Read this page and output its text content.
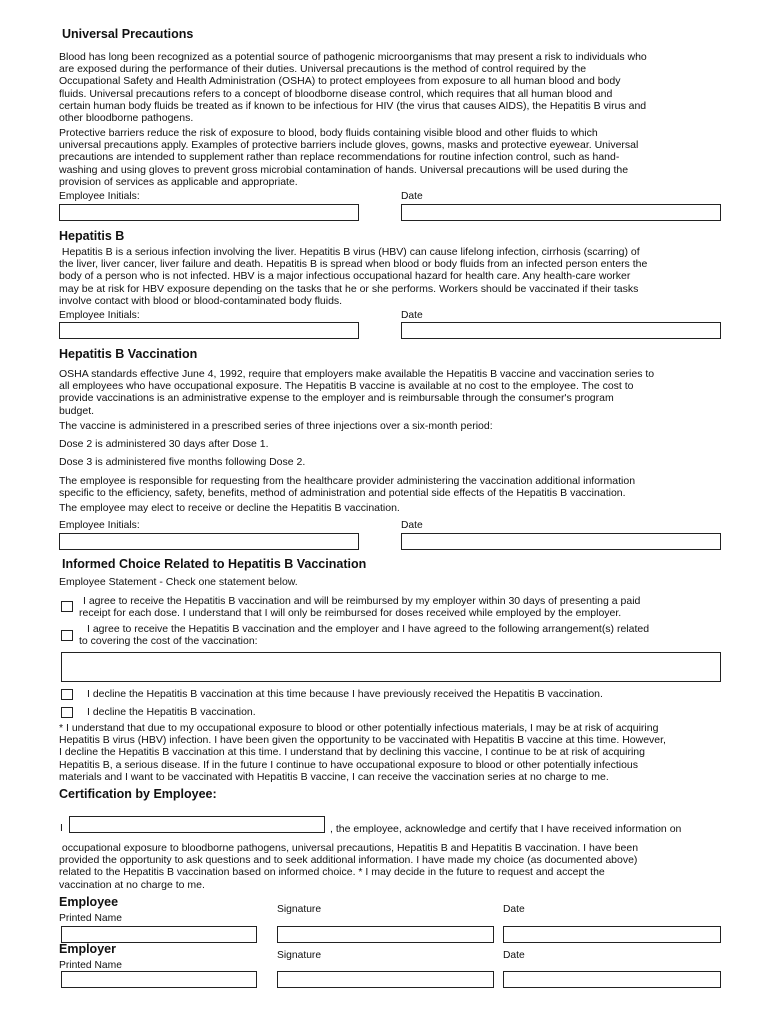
Universal Precautions
Blood has long been recognized as a potential source of pathogenic microorganisms that may present a risk to individuals who
are exposed during the performance of their duties. Universal precautions is the method of control required by the
Occupational Safety and Health Administration (OSHA) to protect employees from exposure to all human blood and body
fluids. Universal precautions refers to a concept of bloodborne disease control, which requires that all human blood and
certain human body fluids be treated as if known to be infectious for HIV (the virus that causes AIDS), the Hepatitis B virus and
other bloodborne pathogens.
Protective barriers reduce the risk of exposure to blood, body fluids containing visible blood and other fluids to which
universal precautions apply. Examples of protective barriers include gloves, gowns, masks and protective eyewear. Universal
precautions are intended to supplement rather than replace recommendations for routine infection control, such as hand-
washing and using gloves to prevent gross microbial contamination of hands. Universal precautions will be used during the
provision of services as applicable and appropriate.
Employee Initials:	Date
Hepatitis B
Hepatitis B is a serious infection involving the liver. Hepatitis B virus (HBV) can cause lifelong infection, cirrhosis (scarring) of
the liver, liver cancer, liver failure and death. Hepatitis B is spread when blood or body fluids from an infected person enters the
body of a person who is not infected. HBV is a major infectious occupational hazard for health care. Any health-care worker
may be at risk for HBV exposure depending on the tasks that he or she performs. Workers should be vaccinated if their tasks
involve contact with blood or blood-contaminated body fluids.
Employee Initials:	Date
Hepatitis B Vaccination
OSHA standards effective June 4, 1992, require that employers make available the Hepatitis B vaccine and vaccination series to
all employees who have occupational exposure. The Hepatitis B vaccine is available at no cost to the employee. The cost to
provide vaccinations is an administrative expense to the employer and is reimbursable through the consumer's program
budget.
The vaccine is administered in a prescribed series of three injections over a six-month period:
Dose 2 is administered 30 days after Dose 1.
Dose 3 is administered five months following Dose 2.
The employee is responsible for requesting from the healthcare provider administering the vaccination additional information
specific to the efficiency, safety, benefits, method of administration and potential side effects of the Hepatitis B vaccination.
The employee may elect to receive or decline the Hepatitis B vaccination.
Employee Initials:	Date
Informed Choice Related to Hepatitis B Vaccination
Employee Statement - Check one statement below.
I agree to receive the Hepatitis B vaccination and will be reimbursed by my employer within 30 days of presenting a paid
receipt for each dose. I understand that I will only be reimbursed for doses received while employed by the employer.
I agree to receive the Hepatitis B vaccination and the employer and I have agreed to the following arrangement(s) related
to covering the cost of the vaccination:
I decline the Hepatitis B vaccination at this time because I have previously received the Hepatitis B vaccination.
I decline the Hepatitis B vaccination.
* I understand that due to my occupational exposure to blood or other potentially infectious materials, I may be at risk of acquiring
Hepatitis B virus (HBV) infection. I have been given the opportunity to be vaccinated with Hepatitis B vaccine at this time. However,
I decline the Hepatitis B vaccination at this time. I understand that by declining this vaccine, I continue to be at risk of acquiring
Hepatitis B, a serious disease. If in the future I continue to have occupational exposure to blood or other potentially infectious
materials and I want to be vaccinated with Hepatitis B vaccine, I can receive the vaccination series at no charge to me.
Certification by Employee:
I	, the employee, acknowledge and certify that I have received information on
occupational exposure to bloodborne pathogens, universal precautions, Hepatitis B and Hepatitis B vaccination. I have been
provided the opportunity to ask questions and to seek additional information. I have made my choice (as documented above)
related to the Hepatitis B vaccination based on informed choice. * I may decide in the future to request and accept the
vaccination at no charge to me.
Employee
Printed Name
Signature	Date
Employer
Printed Name
Signature	Date
